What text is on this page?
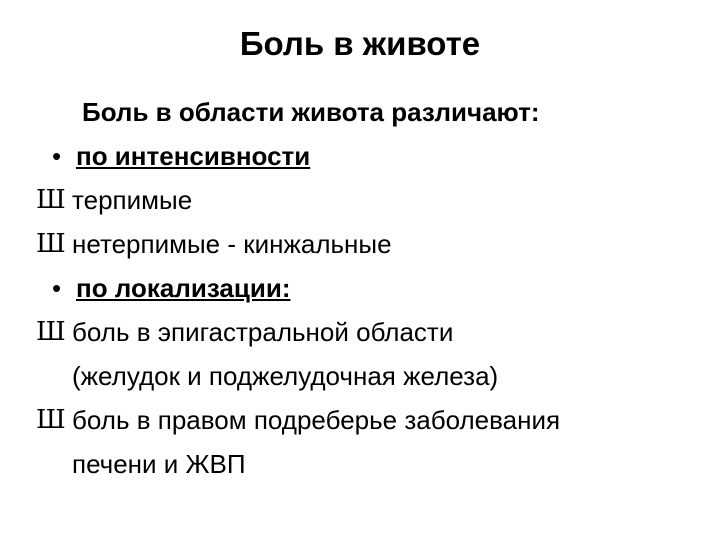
Боль в животе
Боль в области живота различают:
• по интенсивности
Ш терпимые
Ш нетерпимые - кинжальные
• по локализации:
Ш боль в эпигастральной области
(желудок и поджелудочная железа)
Ш боль в правом подреберье заболевания
печени и ЖВП
